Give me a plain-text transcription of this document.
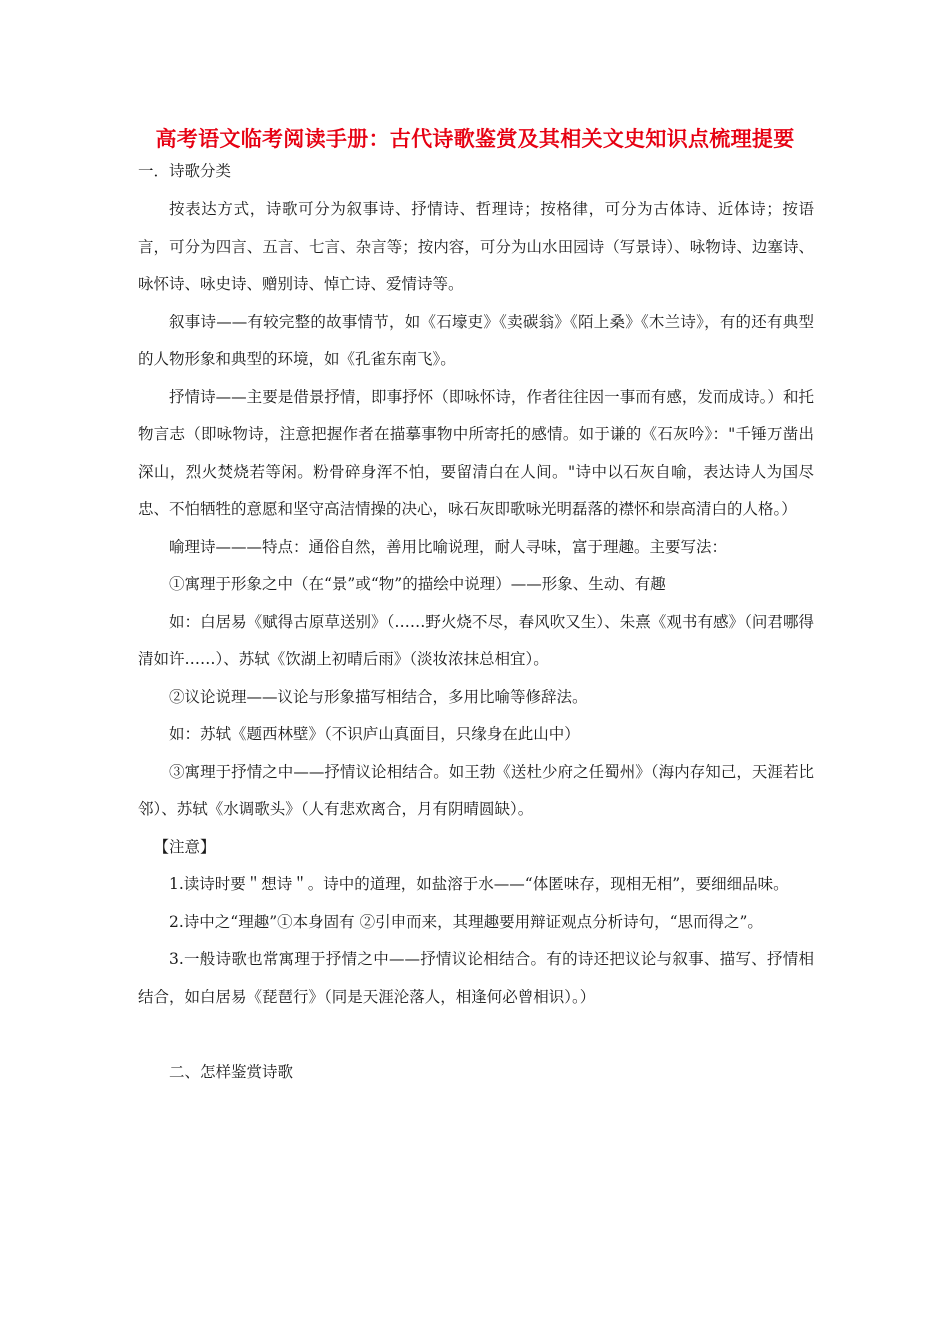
高考语文临考阅读手册：古代诗歌鉴赏及其相关文史知识点梳理提要

一．诗歌分类

按表达方式，诗歌可分为叙事诗、抒情诗、哲理诗；按格律，可分为古体诗、近体诗；按语言，可分为四言、五言、七言、杂言等；按内容，可分为山水田园诗（写景诗）、咏物诗、边塞诗、咏怀诗、咏史诗、赠别诗、悼亡诗、爱情诗等。

叙事诗——有较完整的故事情节，如《石壕吏》《卖碳翁》《陌上桑》《木兰诗》，有的还有典型的人物形象和典型的环境，如《孔雀东南飞》。

抒情诗——主要是借景抒情，即事抒怀（即咏怀诗，作者往往因一事而有感，发而成诗。）和托物言志（即咏物诗，注意把握作者在描摹事物中所寄托的感情。如于谦的《石灰吟》："千锤万凿出深山，烈火焚烧若等闲。粉骨碎身浑不怕，要留清白在人间。"诗中以石灰自喻，表达诗人为国尽忠、不怕牺牲的意愿和坚守高洁情操的决心，咏石灰即歌咏光明磊落的襟怀和崇高清白的人格。）

喻理诗———特点：通俗自然，善用比喻说理，耐人寻味，富于理趣。主要写法：

①寓理于形象之中（在“景”或“物”的描绘中说理）——形象、生动、有趣

如：白居易《赋得古原草送别》（……野火烧不尽，春风吹又生）、朱熹《观书有感》（问君哪得清如许……）、苏轼《饮湖上初晴后雨》（淡妆浓抹总相宜）。

②议论说理——议论与形象描写相结合，多用比喻等修辞法。

如：苏轼《题西林壁》（不识庐山真面目，只缘身在此山中）

③寓理于抒情之中——抒情议论相结合。如王勃《送杜少府之任蜀州》（海内存知己，天涯若比邻）、苏轼《水调歌头》（人有悲欢离合，月有阴晴圆缺）。

【注意】

1.读诗时要＂想诗＂。诗中的道理，如盐溶于水——“体匿味存，现相无相”，要细细品味。

2.诗中之“理趣”①本身固有 ②引申而来，其理趣要用辩证观点分析诗句，“思而得之”。

3.一般诗歌也常寓理于抒情之中——抒情议论相结合。有的诗还把议论与叙事、描写、抒情相结合，如白居易《琵琶行》（同是天涯沦落人，相逢何必曾相识）。）

二、怎样鉴赏诗歌
